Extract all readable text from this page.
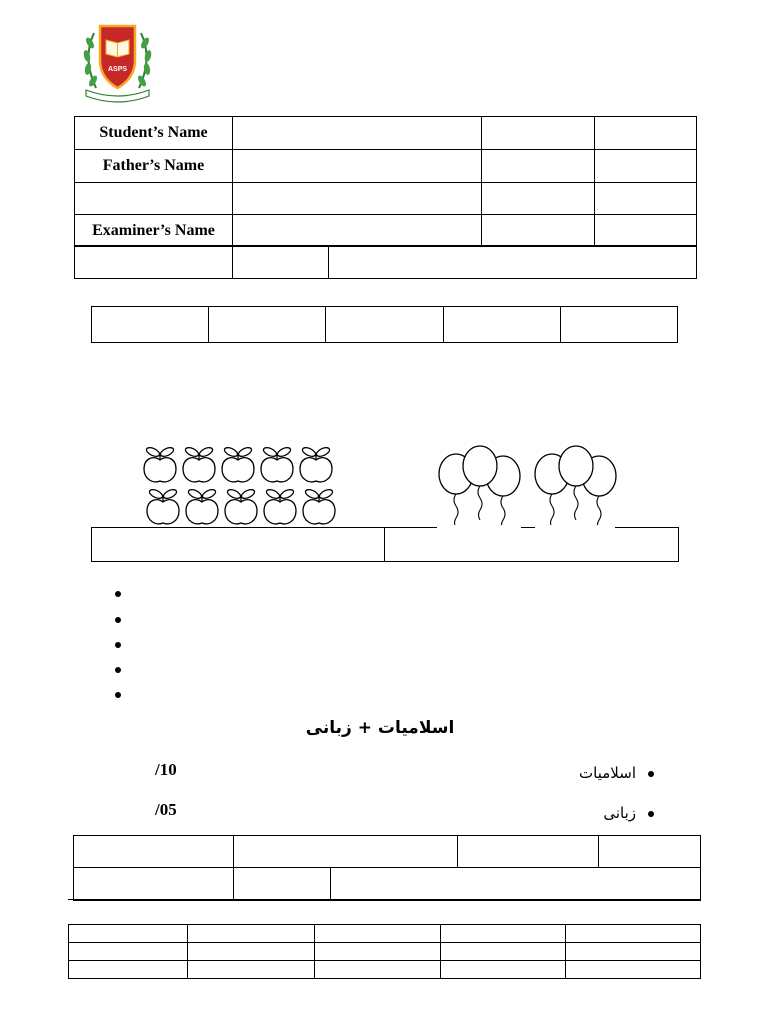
ASPS
Student’s Name			
Father’s Name			

Examiner’s Name			

اسلامیات + زبانی
/10	اسلامیات
/05	زبانی
